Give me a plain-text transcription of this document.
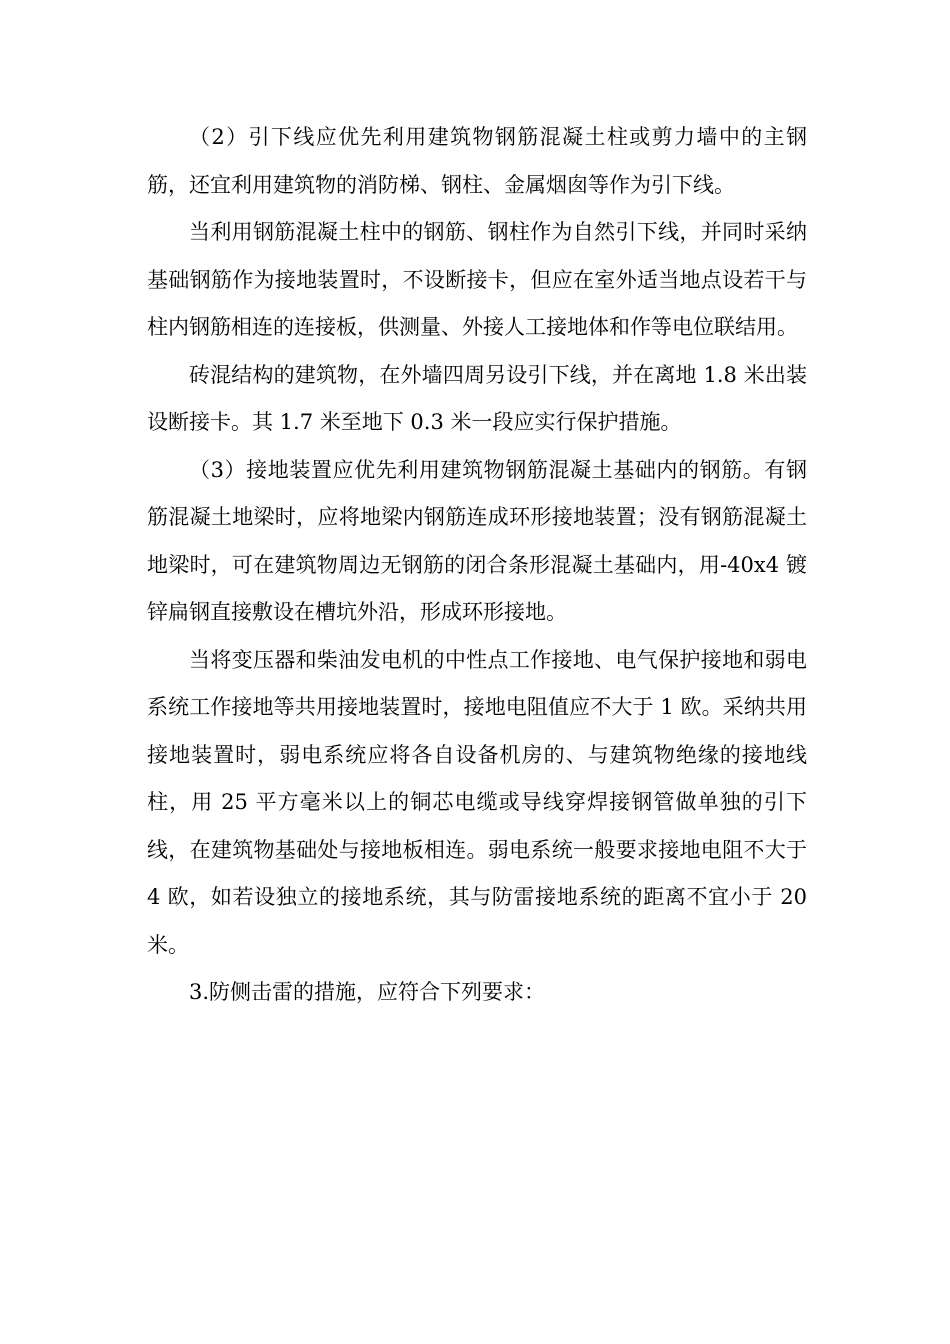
（2）引下线应优先利用建筑物钢筋混凝土柱或剪力墙中的主钢筋，还宜利用建筑物的消防梯、钢柱、金属烟囱等作为引下线。

当利用钢筋混凝土柱中的钢筋、钢柱作为自然引下线，并同时采纳基础钢筋作为接地装置时，不设断接卡，但应在室外适当地点设若干与柱内钢筋相连的连接板，供测量、外接人工接地体和作等电位联结用。

砖混结构的建筑物，在外墙四周另设引下线，并在离地 1.8 米出装设断接卡。其 1.7 米至地下 0.3 米一段应实行保护措施。

（3）接地装置应优先利用建筑物钢筋混凝土基础内的钢筋。有钢筋混凝土地梁时，应将地梁内钢筋连成环形接地装置；没有钢筋混凝土地梁时，可在建筑物周边无钢筋的闭合条形混凝土基础内，用-40x4 镀锌扁钢直接敷设在槽坑外沿，形成环形接地。

当将变压器和柴油发电机的中性点工作接地、电气保护接地和弱电系统工作接地等共用接地装置时，接地电阻值应不大于 1 欧。采纳共用接地装置时，弱电系统应将各自设备机房的、与建筑物绝缘的接地线柱，用 25 平方毫米以上的铜芯电缆或导线穿焊接钢管做单独的引下线，在建筑物基础处与接地板相连。弱电系统一般要求接地电阻不大于 4 欧，如若设独立的接地系统，其与防雷接地系统的距离不宜小于 20 米。

3.防侧击雷的措施，应符合下列要求：
